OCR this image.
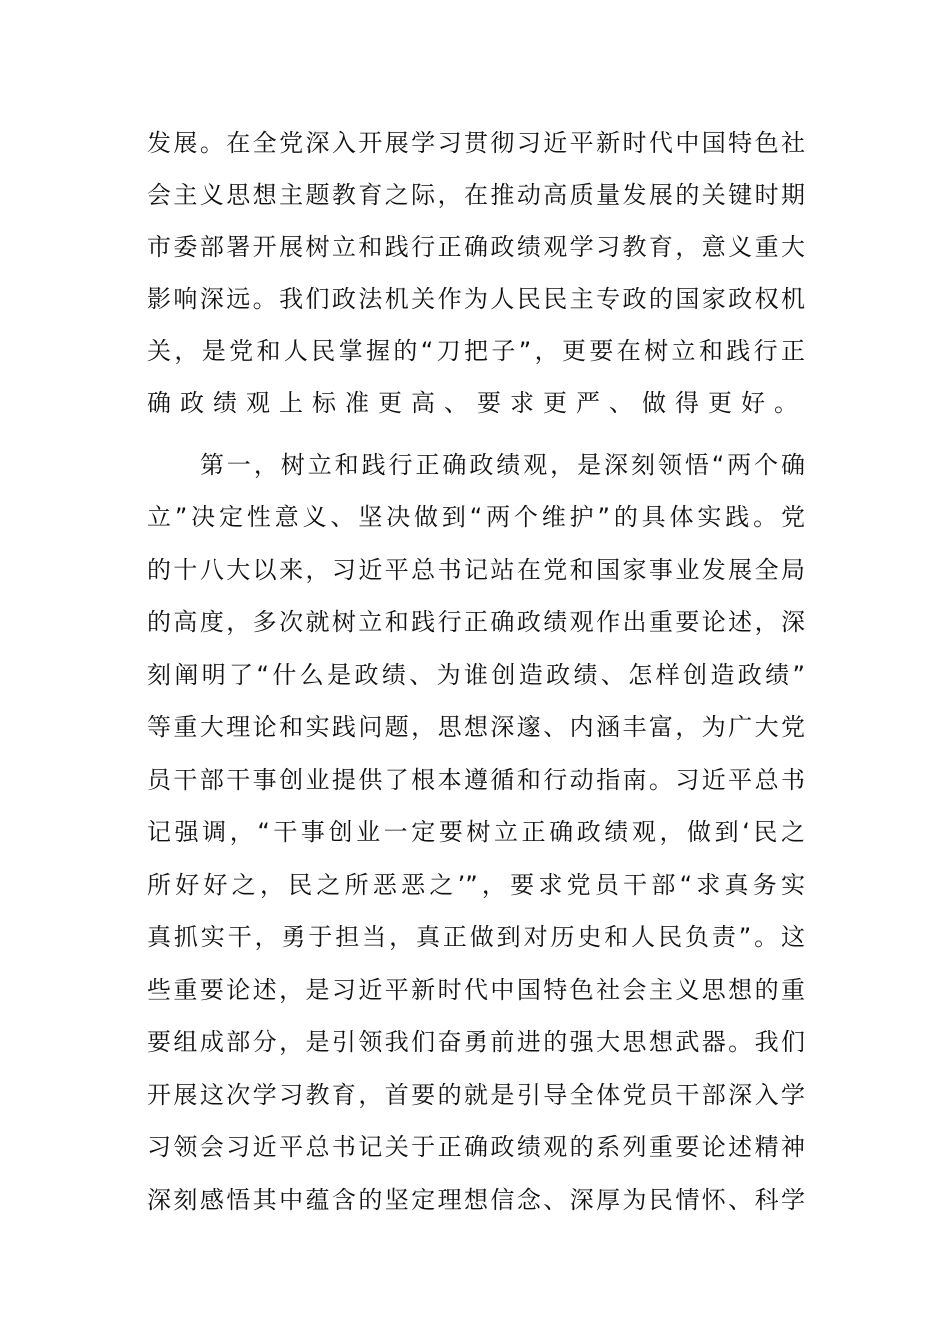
发展。在全党深入开展学习贯彻习近平新时代中国特色社
会主义思想主题教育之际，在推动高质量发展的关键时期
市委部署开展树立和践行正确政绩观学习教育，意义重大
影响深远。我们政法机关作为人民民主专政的国家政权机
关，是党和人民掌握的“刀把子”，更要在树立和践行正
确政绩观上标准更高、要求更严、做得更好。
第一，树立和践行正确政绩观，是深刻领悟“两个确
立”决定性意义、坚决做到“两个维护”的具体实践。党
的十八大以来，习近平总书记站在党和国家事业发展全局
的高度，多次就树立和践行正确政绩观作出重要论述，深
刻阐明了“什么是政绩、为谁创造政绩、怎样创造政绩”
等重大理论和实践问题，思想深邃、内涵丰富，为广大党
员干部干事创业提供了根本遵循和行动指南。习近平总书
记强调，“干事创业一定要树立正确政绩观，做到‘民之
所好好之，民之所恶恶之’”，要求党员干部“求真务实
真抓实干，勇于担当，真正做到对历史和人民负责”。这
些重要论述，是习近平新时代中国特色社会主义思想的重
要组成部分，是引领我们奋勇前进的强大思想武器。我们
开展这次学习教育，首要的就是引导全体党员干部深入学
习领会习近平总书记关于正确政绩观的系列重要论述精神
深刻感悟其中蕴含的坚定理想信念、深厚为民情怀、科学
